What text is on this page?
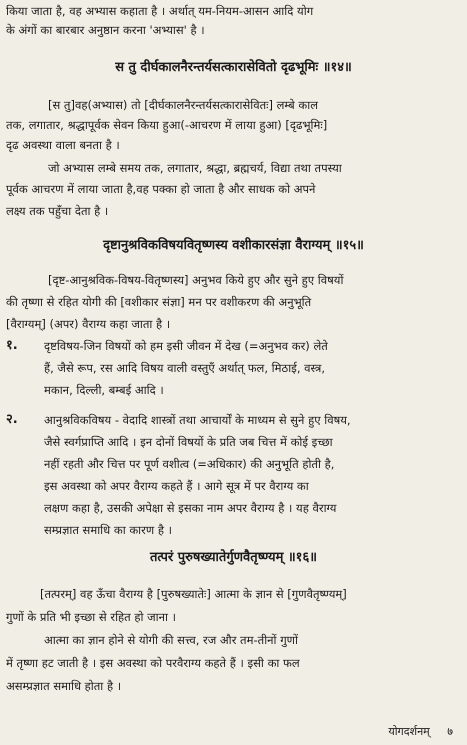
किया जाता है, वह अभ्यास कहाता है । अर्थात् यम-नियम-आसन आदि योग
के अंगों का बारबार अनुष्ठान करना 'अभ्यास' है ।
स तु दीर्घकालनैरन्तर्यसत्कारासेवितो दृढभूमिः ॥१४॥
[स तु]वह(अभ्यास) तो [दीर्घकालनैरन्तर्यसत्कारासेवितः] लम्बे काल
तक, लगातार, श्रद्धापूर्वक सेवन किया हुआ(-आचरण में लाया हुआ) [दृढभूमिः]
दृढ अवस्था वाला बनता है ।
जो अभ्यास लम्बे समय तक, लगातार, श्रद्धा, ब्रह्मचर्य, विद्या तथा तपस्या
पूर्वक आचरण में लाया जाता है,वह पक्का हो जाता है और साधक को अपने
लक्ष्य तक पहुँचा देता है ।
दृष्टानुश्रविकविषयवितृष्णस्य वशीकारसंज्ञा वैराग्यम् ॥१५॥
[दृष्ट-आनुश्रविक-विषय-वितृष्णस्य] अनुभव किये हुए और सुने हुए विषयों
की तृष्णा से रहित योगी की [वशीकार संज्ञा] मन पर वशीकरण की अनुभूति
[वैराग्यम्] (अपर) वैराग्य कहा जाता है ।
१. दृष्टविषय-जिन विषयों को हम इसी जीवन में देख (=अनुभव कर) लेते
हैं, जैसे रूप, रस आदि विषय वाली वस्तुएँ अर्थात् फल, मिठाई, वस्त्र,
मकान, दिल्ली, बम्बई आदि ।
२. आनुश्रविकविषय - वेदादि शास्त्रों तथा आचार्यों के माध्यम से सुने हुए विषय,
जैसे स्वर्गप्राप्ति आदि । इन दोनों विषयों के प्रति जब चित्त में कोई इच्छा
नहीं रहती और चित्त पर पूर्ण वशीत्व (=अधिकार) की अनुभूति होती है,
इस अवस्था को अपर वैराग्य कहते हैं । आगे सूत्र में पर वैराग्य का
लक्षण कहा है, उसकी अपेक्षा से इसका नाम अपर वैराग्य है । यह वैराग्य
सम्प्रज्ञात समाधि का कारण है ।
तत्परं पुरुषख्यातेर्गुणवैतृष्ण्यम् ॥१६॥
[तत्परम्] वह ऊँचा वैराग्य है [पुरुषख्यातेः] आत्मा के ज्ञान से [गुणवैतृष्ण्यम्]
गुणों के प्रति भी इच्छा से रहित हो जाना ।
आत्मा का ज्ञान होने से योगी की सत्त्व, रज और तम-तीनों गुणों
में तृष्णा हट जाती है । इस अवस्था को परवैराग्य कहते हैं । इसी का फल
असम्प्रज्ञात समाधि होता है ।
योगदर्शनम् ७
